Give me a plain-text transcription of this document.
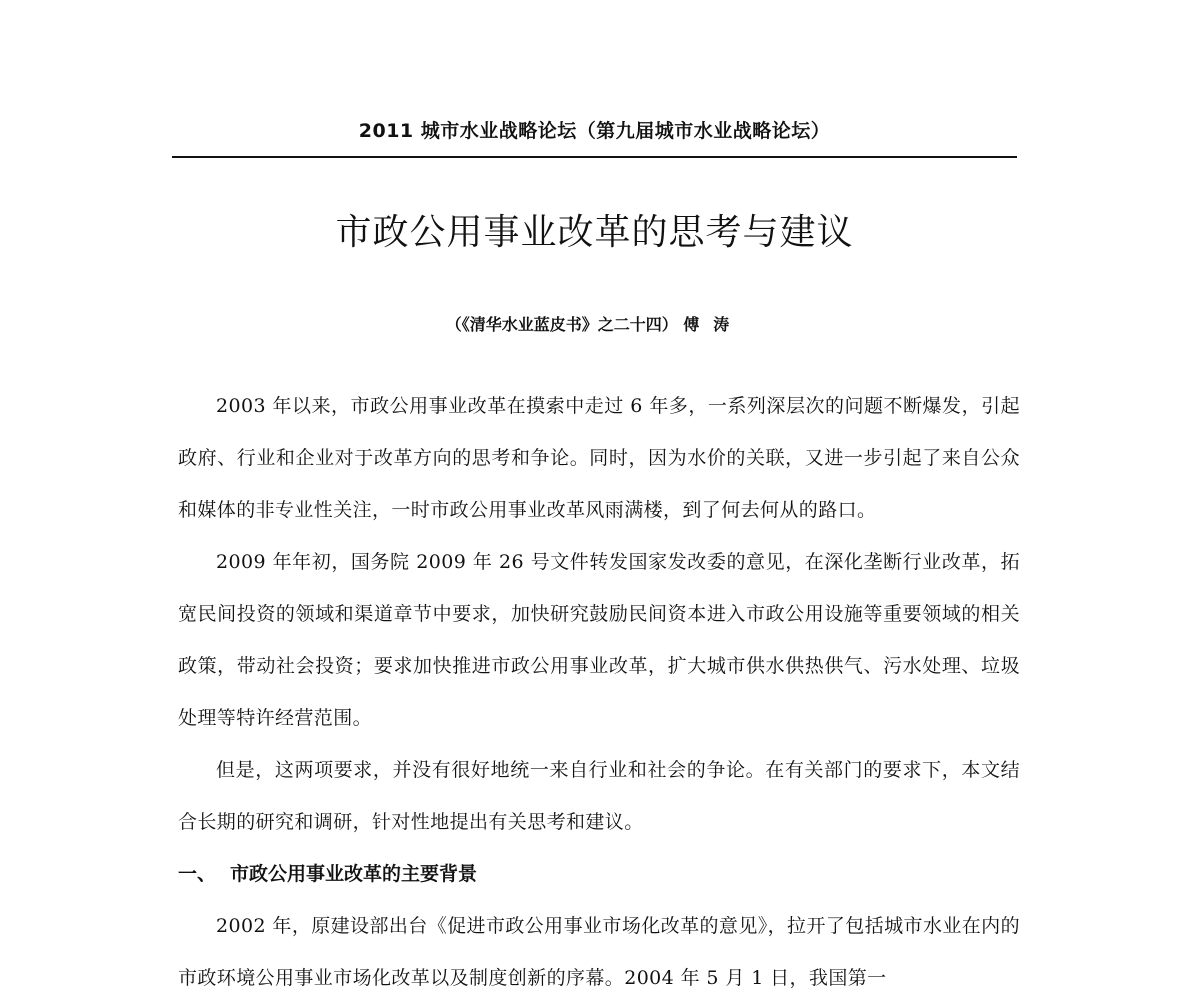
2011 城市水业战略论坛（第九届城市水业战略论坛）
市政公用事业改革的思考与建议
（《清华水业蓝皮书》之二十四） 傅涛

2003 年以来，市政公用事业改革在摸索中走过 6 年多，一系列深层次的问题不断爆发，引起政府、行业和企业对于改革方向的思考和争论。同时，因为水价的关联，又进一步引起了来自公众和媒体的非专业性关注，一时市政公用事业改革风雨满楼，到了何去何从的路口。

2009 年年初，国务院 2009 年 26 号文件转发国家发改委的意见，在深化垄断行业改革，拓宽民间投资的领域和渠道章节中要求，加快研究鼓励民间资本进入市政公用设施等重要领域的相关政策，带动社会投资；要求加快推进市政公用事业改革，扩大城市供水供热供气、污水处理、垃圾处理等特许经营范围。

但是，这两项要求，并没有很好地统一来自行业和社会的争论。在有关部门的要求下，本文结合长期的研究和调研，针对性地提出有关思考和建议。

一、 市政公用事业改革的主要背景

2002 年，原建设部出台《促进市政公用事业市场化改革的意见》，拉开了包括城市水业在内的市政环境公用事业市场化改革以及制度创新的序幕。2004 年 5 月 1 日，我国第一
